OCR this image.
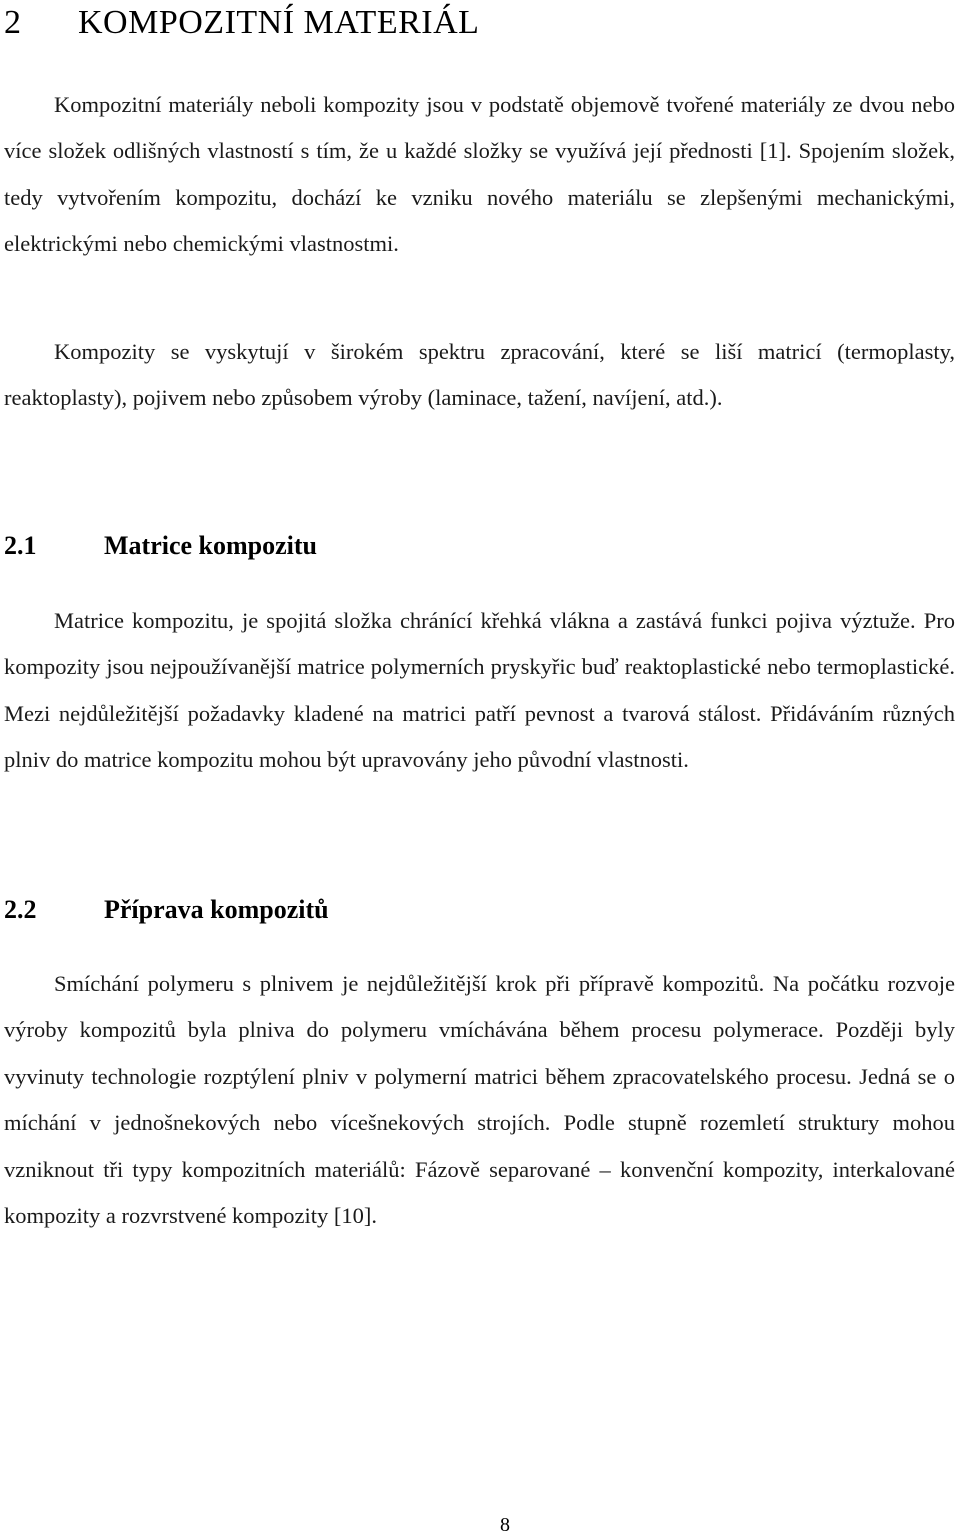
2 KOMPOZITNÍ MATERIÁL

Kompozitní materiály neboli kompozity jsou v podstatě objemově tvořené materiály ze dvou nebo více složek odlišných vlastností s tím, že u každé složky se využívá její přednosti [1]. Spojením složek, tedy vytvořením kompozitu, dochází ke vzniku nového materiálu se zlepšenými mechanickými, elektrickými nebo chemickými vlastnostmi.

Kompozity se vyskytují v širokém spektru zpracování, které se liší matricí (termoplasty, reaktoplasty), pojivem nebo způsobem výroby (laminace, tažení, navíjení, atd.).

2.1	Matrice kompozitu

Matrice kompozitu, je spojitá složka chránící křehká vlákna a zastává funkci pojiva výztuže. Pro kompozity jsou nejpoužívanější matrice polymerních pryskyřic buď reaktoplastické nebo termoplastické. Mezi nejdůležitější požadavky kladené na matrici patří pevnost a tvarová stálost. Přidáváním různých plniv do matrice kompozitu mohou být upravovány jeho původní vlastnosti.

2.2	Příprava kompozitů

Smíchání polymeru s plnivem je nejdůležitější krok při přípravě kompozitů. Na počátku rozvoje výroby kompozitů byla plniva do polymeru vmíchávána během procesu polymerace. Později byly vyvinuty technologie rozptýlení plniv v polymerní matrici během zpracovatelského procesu. Jedná se o míchání v jednošnekových nebo vícešnekových strojích. Podle stupně rozemletí struktury mohou vzniknout tři typy kompozitních materiálů: Fázově separované – konvenční kompozity, interkalované kompozity a rozvrstvené kompozity [10].

8
